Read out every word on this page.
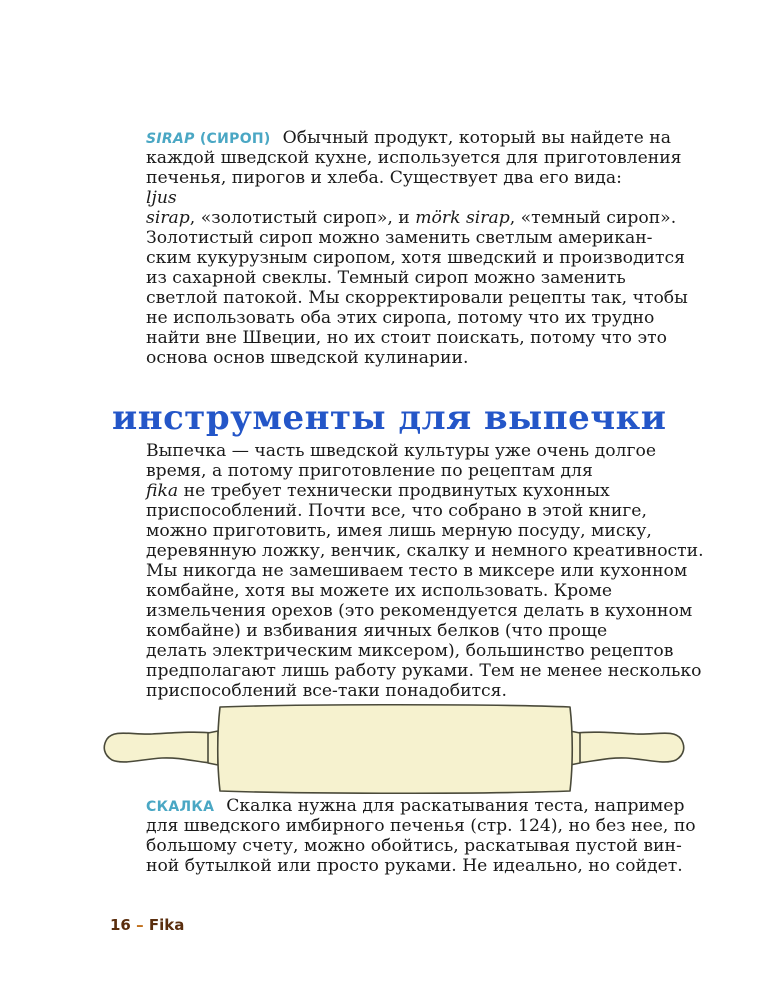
SIRAP (СИРОП) Обычный продукт, который вы найдете на
каждой шведской кухне, используется для приготовления
печенья, пирогов и хлеба. Существует два его вида:
ljus
sirap, «золотистый сироп», и mörk sirap, «темный сироп».
Золотистый сироп можно заменить светлым американ-
ским кукурузным сиропом, хотя шведский и производится
из сахарной свеклы. Темный сироп можно заменить
светлой патокой. Мы скорректировали рецепты так, чтобы
не использовать оба этих сиропа, потому что их трудно
найти вне Швеции, но их стоит поискать, потому что это
основа основ шведской кулинарии.
инструменты для выпечки
Выпечка — часть шведской культуры уже очень долгое
время, а потому приготовление по рецептам для
fika не требует технически продвинутых кухонных
приспособлений. Почти все, что собрано в этой книге,
можно приготовить, имея лишь мерную посуду, миску,
деревянную ложку, венчик, скалку и немного креативности.
Мы никогда не замешиваем тесто в миксере или кухонном
комбайне, хотя вы можете их использовать. Кроме
измельчения орехов (это рекомендуется делать в кухонном
комбайне) и взбивания яичных белков (что проще
делать электрическим миксером), большинство рецептов
предполагают лишь работу руками. Тем не менее несколько
приспособлений все-таки понадобится.
СКАЛКА Скалка нужна для раскатывания теста, например
для шведского имбирного печенья (стр. 124), но без нее, по
большому счету, можно обойтись, раскатывая пустой вин-
ной бутылкой или просто руками. Не идеально, но сойдет.
16 – Fika
